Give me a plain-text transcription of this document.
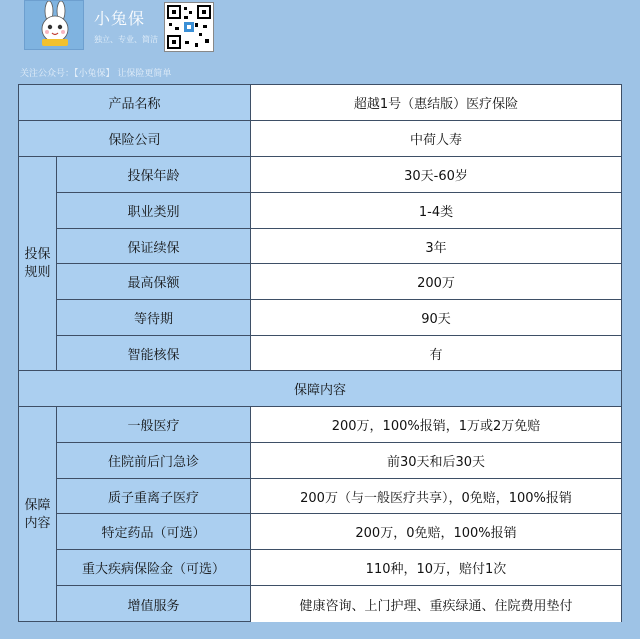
小兔保
独立、专业、简洁
关注公众号：【小兔保】 让保险更简单
产品名称	超越1号（惠结版）医疗保险
保险公司	中荷人寿
投保规则
投保年龄	30天-60岁
职业类别	1-4类
保证续保	3年
最高保额	200万
等待期	90天
智能核保	有
保障内容
保障内容
一般医疗	200万，100%报销，1万或2万免赔
住院前后门急诊	前30天和后30天
质子重离子医疗	200万（与一般医疗共享），0免赔，100%报销
特定药品（可选）	200万，0免赔，100%报销
重大疾病保险金（可选）	110种，10万，赔付1次
增值服务	健康咨询、上门护理、重疾绿通、住院费用垫付
